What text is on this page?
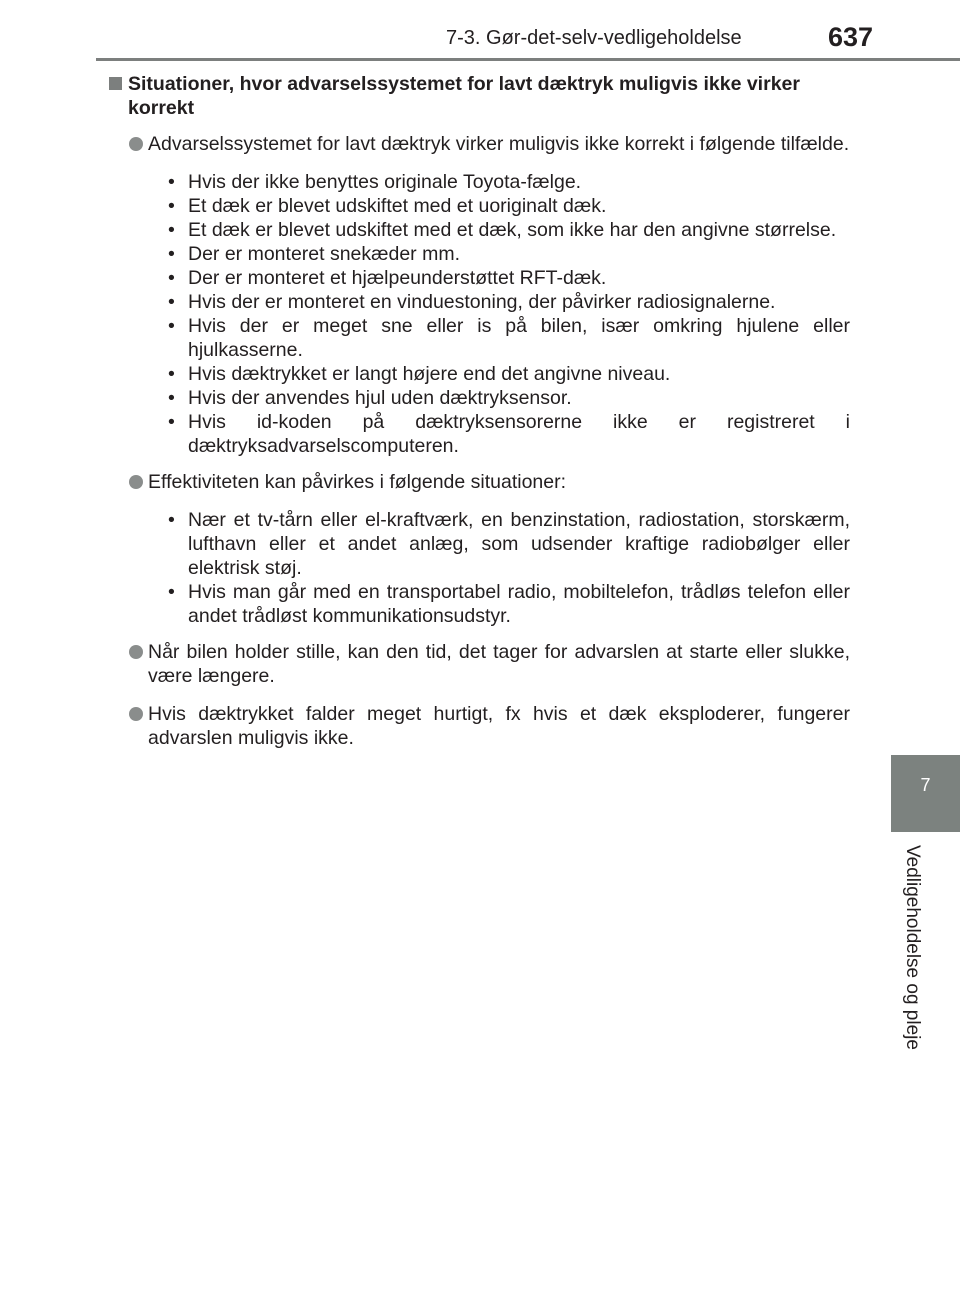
7-3. Gør-det-selv-vedligeholdelse	637
7
Vedligeholdelse og pleje
Situationer, hvor advarselssystemet for lavt dæktryk muligvis ikke virker korrekt
Advarselssystemet for lavt dæktryk virker muligvis ikke korrekt i følgende tilfælde.
• Hvis der ikke benyttes originale Toyota-fælge.
• Et dæk er blevet udskiftet med et uoriginalt dæk.
• Et dæk er blevet udskiftet med et dæk, som ikke har den angivne størrelse.
• Der er monteret snekæder mm.
• Der er monteret et hjælpeunderstøttet RFT-dæk.
• Hvis der er monteret en vinduestoning, der påvirker radiosignalerne.
• Hvis der er meget sne eller is på bilen, især omkring hjulene eller hjulkasserne.
• Hvis dæktrykket er langt højere end det angivne niveau.
• Hvis der anvendes hjul uden dæktryksensor.
• Hvis id-koden på dæktryksensorerne ikke er registreret i dæktryksadvarselscomputeren.
Effektiviteten kan påvirkes i følgende situationer:
• Nær et tv-tårn eller el-kraftværk, en benzinstation, radiostation, storskærm, lufthavn eller et andet anlæg, som udsender kraftige radiobølger eller elektrisk støj.
• Hvis man går med en transportabel radio, mobiltelefon, trådløs telefon eller andet trådløst kommunikationsudstyr.
Når bilen holder stille, kan den tid, det tager for advarslen at starte eller slukke, være længere.
Hvis dæktrykket falder meget hurtigt, fx hvis et dæk eksploderer, fungerer advarslen muligvis ikke.
